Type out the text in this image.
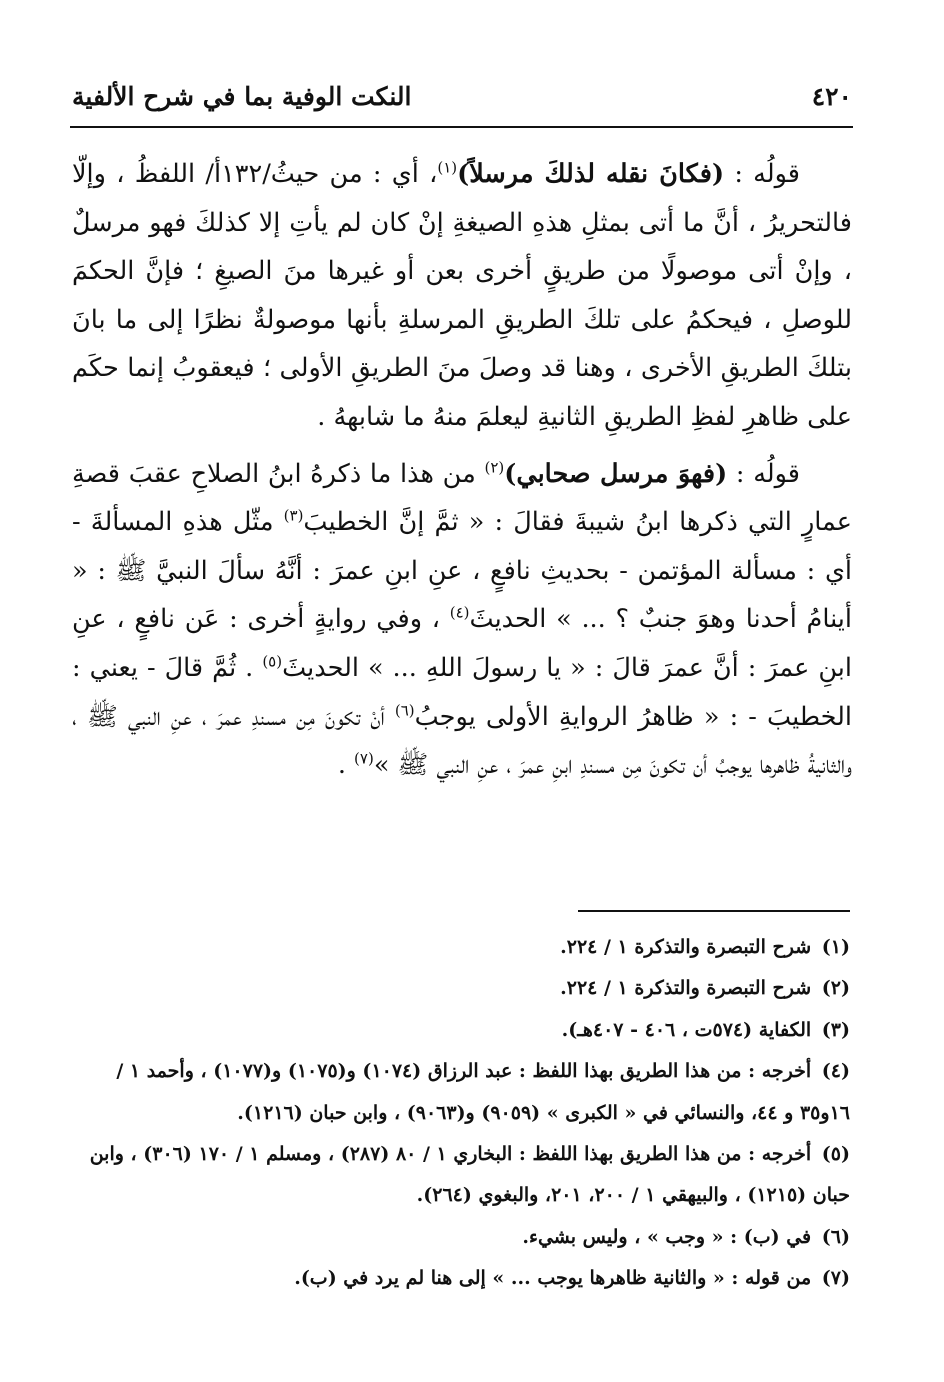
٤٢٠
النكت الوفية بما في شرح الألفية

قولُه : (فكانَ نقله لذلكَ مرسلاً)$^{(١)}$، أي : من حيثُ/١٣٢أ/ اللفظُ ، وإلّا فالتحريرُ ، أنَّ ما أتى بمثلِ هذهِ الصيغةِ إنْ كان لم يأتِ إلا كذلكَ فهو مرسلٌ ، وإنْ أتى موصولًا من طريقٍ أخرى بعن أو غيرها منَ الصيغِ ؛ فإنَّ الحكمَ للوصلِ ، فيحكمُ على تلكَ الطريقِ المرسلةِ بأنها موصولةٌ نظرًا إلى ما بانَ بتلكَ الطريقِ الأخرى ، وهنا قد وصلَ منَ الطريقِ الأولى ؛ فيعقوبُ إنما حكَم على ظاهرِ لفظِ الطريقِ الثانيةِ ليعلمَ منهُ ما شابههُ .

قولُه : (فهوَ مرسل صحابي)$^{(٢)}$ من هذا ما ذكرهُ ابنُ الصلاحِ عقبَ قصةِ عمارٍ التي ذكرها ابنُ شيبةَ فقالَ : « ثمَّ إنَّ الخطيبَ$^{(٣)}$ مثّل هذهِ المسألةَ - أي : مسألة المؤتمن - بحديثِ نافعٍ ، عنِ ابنِ عمرَ : أنَّهُ سألَ النبيَّ ﷺ : « أينامُ أحدنا وهوَ جنبٌ ؟ ... » الحديثَ$^{(٤)}$ ، وفي روايةٍ أخرى : عَن نافعٍ ، عنِ ابنِ عمرَ : أنَّ عمرَ قالَ : « يا رسولَ اللهِ ... » الحديثَ$^{(٥)}$ . ثُمَّ قالَ - يعني : الخطيبَ - : « ظاهرُ الروايةِ الأولى يوجبُ$^{(٦)}$ أنْ تكونَ مِن مسندِ عمرَ ، عنِ النبي ﷺ ، والثانيةُ ظاهرها يوجبُ أن تكونَ مِن مسندِ ابنِ عمرَ ، عنِ النبي ﷺ »$^{(٧)}$ .

(١) شرح التبصرة والتذكرة ١ / ٢٢٤.

(٢) شرح التبصرة والتذكرة ١ / ٢٢٤.

(٣) الكفاية (٥٧٤ت ، ٤٠٦ - ٤٠٧هـ).

(٤) أخرجه : من هذا الطريق بهذا اللفظ : عبد الرزاق (١٠٧٤) و(١٠٧٥) و(١٠٧٧) ، وأحمد ١ /

١٦و٣٥ و ٤٤، والنسائي في « الكبرى » (٩٠٥٩) و(٩٠٦٣) ، وابن حبان (١٢١٦).

(٥) أخرجه : من هذا الطريق بهذا اللفظ : البخاري ١ / ٨٠ (٢٨٧) ، ومسلم ١ / ١٧٠ (٣٠٦) ، وابن

حبان (١٢١٥) ، والبيهقي ١ / ٢٠٠، ٢٠١، والبغوي (٢٦٤).

(٦) في (ب) : « وجب » ، وليس بشيء.

(٧) من قوله : « والثانية ظاهرها يوجب ... » إلى هنا لم يرد في (ب).
